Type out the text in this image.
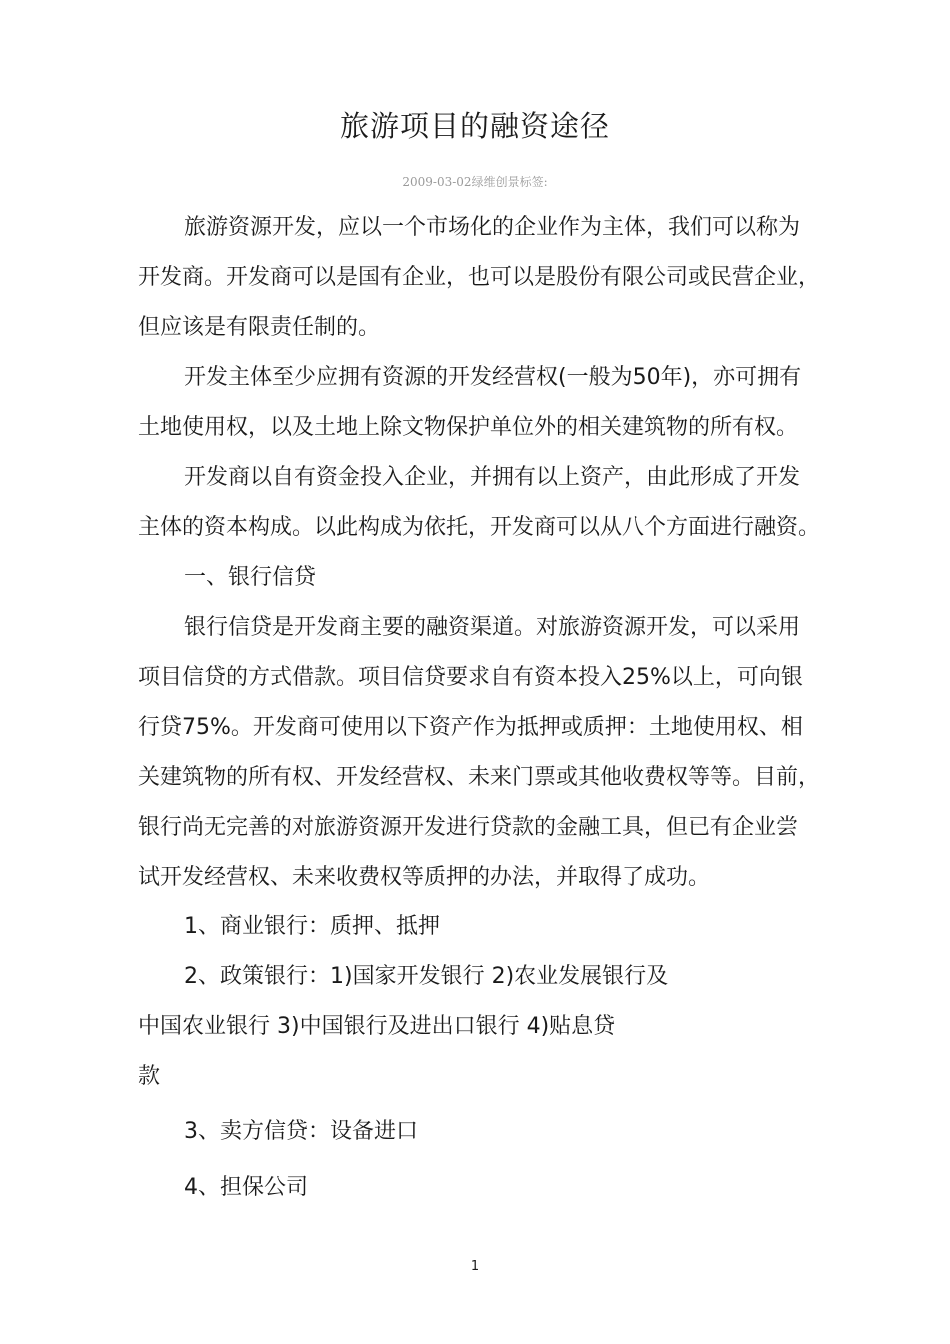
旅游项目的融资途径
2009-03-02绿维创景标签:
旅游资源开发，应以一个市场化的企业作为主体，我们可以称为
开发商。开发商可以是国有企业，也可以是股份有限公司或民营企业，
但应该是有限责任制的。
开发主体至少应拥有资源的开发经营权(一般为50年)，亦可拥有
土地使用权，以及土地上除文物保护单位外的相关建筑物的所有权。
开发商以自有资金投入企业，并拥有以上资产，由此形成了开发
主体的资本构成。以此构成为依托，开发商可以从八个方面进行融资。
一、银行信贷
银行信贷是开发商主要的融资渠道。对旅游资源开发，可以采用
项目信贷的方式借款。项目信贷要求自有资本投入25%以上，可向银
行贷75%。开发商可使用以下资产作为抵押或质押：土地使用权、相
关建筑物的所有权、开发经营权、未来门票或其他收费权等等。目前，
银行尚无完善的对旅游资源开发进行贷款的金融工具，但已有企业尝
试开发经营权、未来收费权等质押的办法，并取得了成功。
1、商业银行：质押、抵押
2、政策银行：1)国家开发银行 2)农业发展银行及
中国农业银行 3)中国银行及进出口银行 4)贴息贷
款
3、卖方信贷：设备进口
4、担保公司
1
